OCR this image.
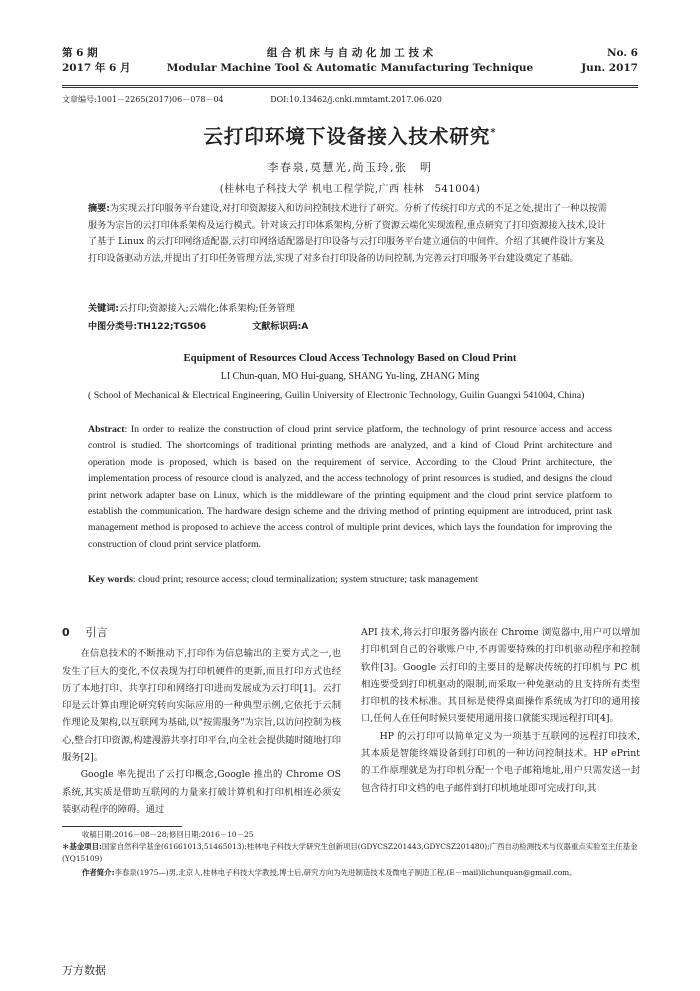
第 6 期
2017 年 6 月
组 合 机 床 与 自 动 化 加 工 技 术
Modular Machine Tool & Automatic Manufacturing Technique
No. 6
Jun. 2017
文章编号:1001－2265(2017)06－078－04	DOI:10.13462/j.cnki.mmtamt.2017.06.020
云打印环境下设备接入技术研究*
李春泉,莫慧光,尚玉玲,张　明
(桂林电子科技大学 机电工程学院,广西 桂林　541004)
摘要:为实现云打印服务平台建设,对打印资源接入和访问控制技术进行了研究。分析了传统打印方式的不足之处,提出了一种以按需服务为宗旨的云打印体系架构及运行模式。针对该云打印体系架构,分析了资源云端化实现流程,重点研究了打印资源接入技术,设计了基于 Linux 的云打印网络适配器,云打印网络适配器是打印设备与云打印服务平台建立通信的中间件。介绍了其硬件设计方案及打印设备驱动方法,并提出了打印任务管理方法,实现了对多台打印设备的访问控制,为完善云打印服务平台建设奠定了基础。
关键词:云打印;资源接入;云端化;体系架构;任务管理
中图分类号:TH122;TG506	文献标识码:A
Equipment of Resources Cloud Access Technology Based on Cloud Print
LI Chun-quan, MO Hui-guang, SHANG Yu-ling, ZHANG Ming
( School of Mechanical & Electrical Engineering, Guilin University of Electronic Technology, Guilin Guangxi 541004, China)
Abstract: In order to realize the construction of cloud print service platform, the technology of print resource access and access control is studied. The shortcomings of traditional printing methods are analyzed, and a kind of Cloud Print architecture and operation mode is proposed, which is based on the requirement of service. According to the Cloud Print architecture, the implementation process of resource cloud is analyzed, and the access technology of print resources is studied, and designs the cloud print network adapter base on Linux, which is the middleware of the printing equipment and the cloud print service platform to establish the communication. The hardware design scheme and the driving method of printing equipment are introduced, print task management method is proposed to achieve the access control of multiple print devices, which lays the foundation for improving the construction of cloud print service platform.
Key words: cloud print; resource access; cloud terminalization; system structure; task management
0 引言

在信息技术的不断推动下,打印作为信息输出的主要方式之一,也发生了巨大的变化,不仅表现为打印机硬件的更新,而且打印方式也经历了本地打印、共享打印和网络打印进而发展成为云打印[1]。云打印是云计算由理论研究转向实际应用的一种典型示例,它依托于云制作理论及架构,以互联网为基础,以"按需服务"为宗旨,以访问控制为核心,整合打印资源,构建漫游共享打印平台,向全社会提供随时随地打印服务[2]。

Google 率先提出了云打印概念,Google 推出的 Chrome OS 系统,其实质是借助互联网的力量来打破计算机和打印机相连必须安装驱动程序的障碍。通过

API 技术,将云打印服务器内嵌在 Chrome 浏览器中,用户可以增加打印机到自己的谷歌账户中,不再需要特殊的打印机驱动程序和控制软件[3]。Google 云打印的主要目的是解决传统的打印机与 PC 机相连要受到打印机驱动的限制,而采取一种免驱动的且支持所有类型打印机的技术标准。其目标是使得桌面操作系统成为打印的通用接口,任何人在任何时候只要使用通用接口就能实现远程打印[4]。

HP 的云打印可以简单定义为一项基于互联网的远程打印技术,其本质是智能终端设备到打印机的一种访问控制技术。HP ePrint 的工作原理就是为打印机分配一个电子邮箱地址,用户只需发送一封包含待打印文档的电子邮件到打印机地址即可完成打印,其

收稿日期:2016－08－28;修回日期:2016－10－25
＊基金项目:国家自然科学基金(61661013,51465013);桂林电子科技大学研究生创新项目(GDYCSZ201443,GDYCSZ201480);广西自动检测技术与仪器重点实验室主任基金(YQ15109)
作者简介:李春泉(1975—)男,北京人,桂林电子科技大学教授,博士后,研究方向为先进制造技术及微电子制造工程,(E－mail)lichunquan@gmail.com。
万方数据
